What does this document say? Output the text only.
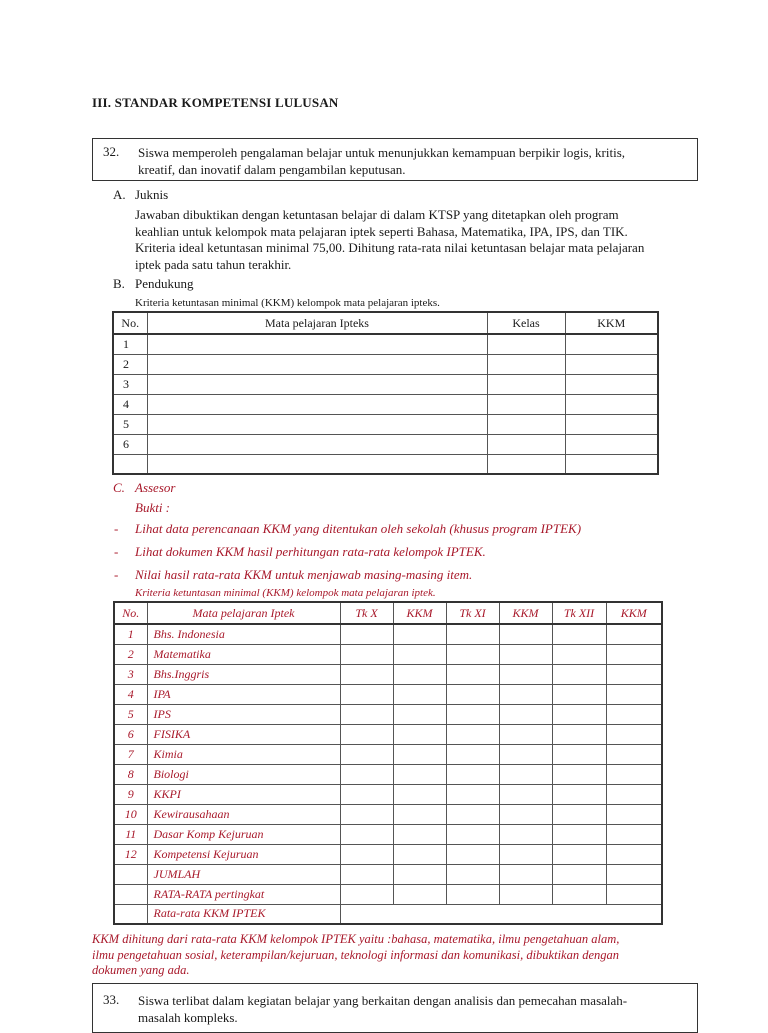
III. STANDAR KOMPETENSI LULUSAN
32. Siswa memperoleh pengalaman belajar untuk menunjukkan kemampuan berpikir logis, kritis,
kreatif, dan inovatif dalam pengambilan keputusan.
A. Juknis
Jawaban dibuktikan dengan ketuntasan belajar di dalam KTSP yang ditetapkan oleh program
keahlian untuk kelompok mata pelajaran iptek seperti Bahasa, Matematika, IPA, IPS, dan TIK.
Kriteria ideal ketuntasan minimal 75,00. Dihitung rata-rata nilai ketuntasan belajar mata pelajaran
iptek pada satu tahun terakhir.
B. Pendukung
Kriteria ketuntasan minimal (KKM) kelompok mata pelajaran ipteks.
No.	Mata pelajaran Ipteks	Kelas	KKM
1			
2			
3			
4			
5			
6			

C. Assesor
Bukti :
- Lihat data perencanaan KKM yang ditentukan oleh sekolah (khusus program IPTEK)
- Lihat dokumen KKM hasil perhitungan rata-rata kelompok IPTEK.
- Nilai hasil rata-rata KKM untuk menjawab masing-masing item.
Kriteria ketuntasan minimal (KKM) kelompok mata pelajaran iptek.
No.	Mata pelajaran Iptek	Tk X	KKM	Tk XI	KKM	Tk XII	KKM
1	Bhs. Indonesia						
2	Matematika						
3	Bhs.Inggris						
4	IPA						
5	IPS						
6	FISIKA						
7	Kimia						
8	Biologi						
9	KKPI						
10	Kewirausahaan						
11	Dasar Komp Kejuruan						
12	Kompetensi Kejuruan						
	JUMLAH						
	RATA-RATA pertingkat						
	Rata-rata KKM IPTEK						
KKM dihitung dari rata-rata KKM kelompok IPTEK yaitu :bahasa, matematika, ilmu pengetahuan alam,
ilmu pengetahuan sosial, keterampilan/kejuruan, teknologi informasi dan komunikasi, dibuktikan dengan
dokumen yang ada.
33. Siswa terlibat dalam kegiatan belajar yang berkaitan dengan analisis dan pemecahan masalah-
masalah kompleks.
